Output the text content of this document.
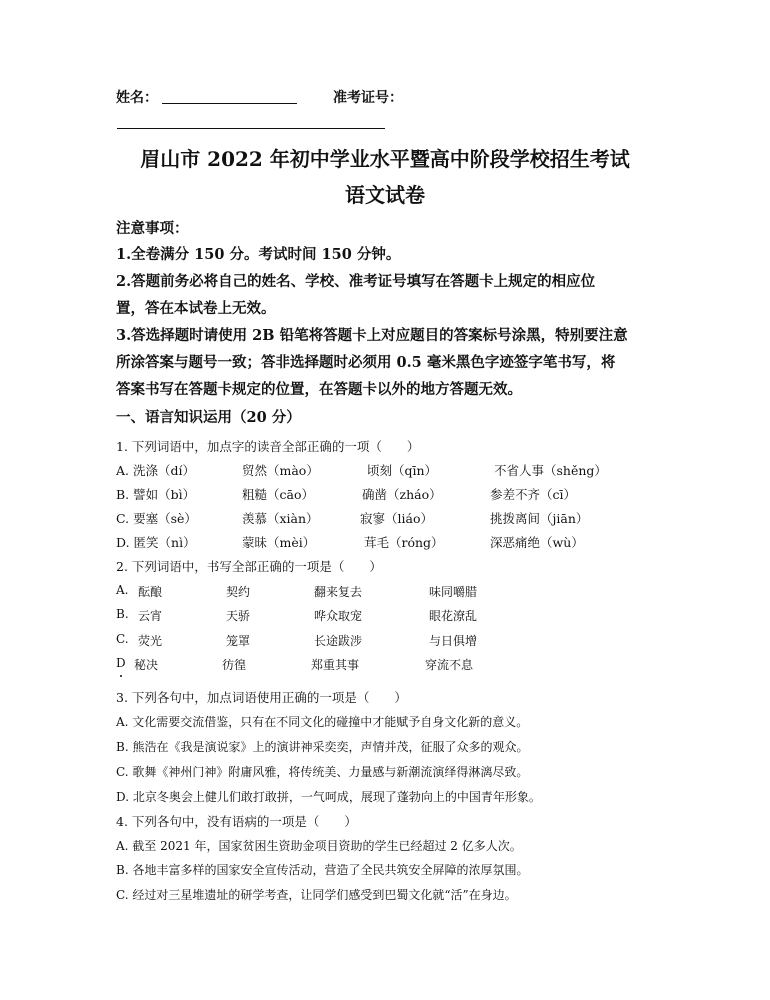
姓名：	准考证号：
眉山市 2022 年初中学业水平暨高中阶段学校招生考试
语文试卷
注意事项：
1.全卷满分 150 分。考试时间 150 分钟。
2.答题前务必将自己的姓名、学校、准考证号填写在答题卡上规定的相应位
置，答在本试卷上无效。
3.答选择题时请使用 2B 铅笔将答题卡上对应题目的答案标号涂黑，特别要注意
所涂答案与题号一致；答非选择题时必须用 0.5 毫米黑色字迹签字笔书写，将
答案书写在答题卡规定的位置，在答题卡以外的地方答题无效。
一、语言知识运用（20 分）
1. 下列词语中，加点字的读音全部正确的一项（　　）
A. 洗涤（dí）	贸然（mào）	顷刻（qīn）	不省人事（shěng）
B. 譬如（bì）	粗糙（cāo）	确凿（zháo）	参差不齐（cī）
C. 要塞（sè）	羡慕（xiàn）	寂寥（liáo）	挑拨离间（jiān）
D. 匿笑（nì）	蒙昧（mèi）	茸毛（róng）	深恶痛绝（wù）
2. 下列词语中，书写全部正确的一项是（　　）
A. 酝酿	契约	翻来复去	味同嚼腊
B. 云宵	天骄	哗众取宠	眼花潦乱
C. 荧光	笼罩	长途跋涉	与日俱增
D 秘决	彷徨	郑重其事	穿流不息
3. 下列各句中，加点词语使用正确的一项是（　　）
A. 文化需要交流借鉴，只有在不同文化的碰撞中才能赋予自身文化新的意义。
B. 熊浩在《我是演说家》上的演讲神采奕奕，声情并茂，征服了众多的观众。
C. 歌舞《神州门神》附庸风雅，将传统美、力量感与新潮流演绎得淋漓尽致。
D. 北京冬奥会上健儿们敢打敢拼，一气呵成，展现了蓬勃向上的中国青年形象。
4. 下列各句中，没有语病的一项是（　　）
A. 截至 2021 年，国家贫困生资助金项目资助的学生已经超过 2 亿多人次。
B. 各地丰富多样的国家安全宣传活动，营造了全民共筑安全屏障的浓厚氛围。
C. 经过对三星堆遗址的研学考查，让同学们感受到巴蜀文化就“活”在身边。
